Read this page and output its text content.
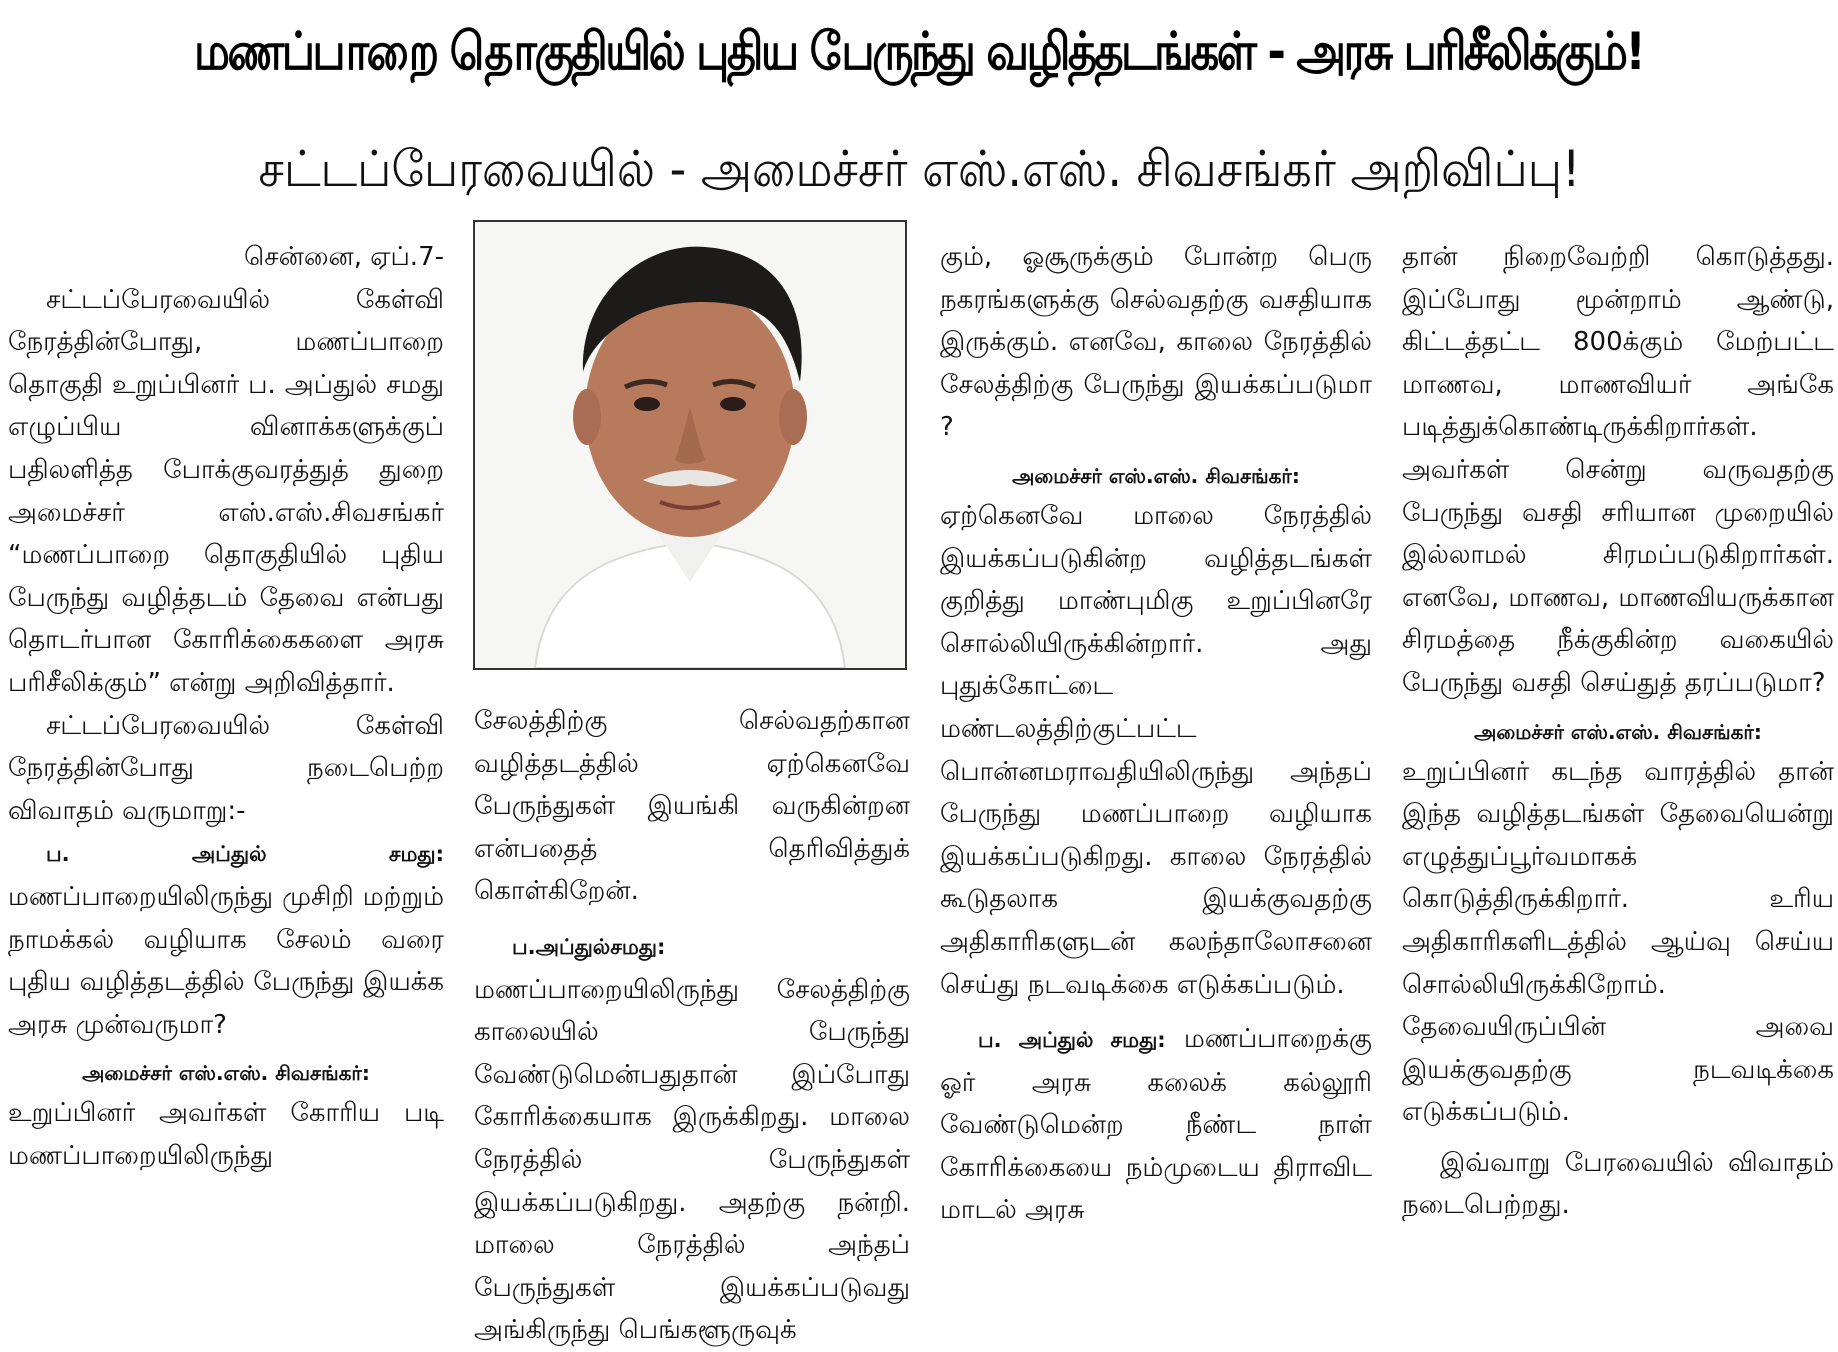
மணப்பாறை தொகுதியில் புதிய பேருந்து வழித்தடங்கள் - அரசு பரிசீலிக்கும்!
சட்டப்பேரவையில் - அமைச்சர் எஸ்.எஸ். சிவசங்கர் அறிவிப்பு!

சென்னை, ஏப்.7-

சட்டப்பேரவையில் கேள்வி நேரத்தின்போது, மணப்பாறை தொகுதி உறுப்பினர் ப. அப்துல் சமது எழுப்பிய வினாக்களுக்குப் பதிலளித்த போக்குவரத்துத் துறை அமைச்சர் எஸ்.எஸ்.சிவசங்கர் “மணப்பாறை தொகுதியில் புதிய பேருந்து வழித்தடம் தேவை என்பது தொடர்பான கோரிக்கைகளை அரசு பரிசீலிக்கும்” என்று அறிவித்தார்.

சட்டப்பேரவையில் கேள்வி நேரத்தின்போது நடைபெற்ற விவாதம் வருமாறு:-

ப. அப்துல் சமது: மணப்பாறையிலிருந்து முசிறி மற்றும் நாமக்கல் வழியாக சேலம் வரை புதிய வழித்தடத்தில் பேருந்து இயக்க அரசு முன்வருமா?

அமைச்சர் எஸ்.எஸ். சிவசங்கர்:

உறுப்பினர் அவர்கள் கோரிய படி மணப்பாறையிலிருந்து

சேலத்திற்கு செல்வதற்கான வழித்தடத்தில் ஏற்கெனவே பேருந்துகள் இயங்கி வருகின்றன என்பதைத் தெரிவித்துக் கொள்கிறேன்.

ப.அப்துல்சமது: மணப்பாறையிலிருந்து சேலத்திற்கு காலையில் பேருந்து வேண்டுமென்பதுதான் இப்போது கோரிக்கையாக இருக்கிறது. மாலை நேரத்தில் பேருந்துகள் இயக்கப்படுகிறது. அதற்கு நன்றி. மாலை நேரத்தில் அந்தப் பேருந்துகள் இயக்கப்படுவது அங்கிருந்து பெங்களூருவுக்

கும், ஓசூருக்கும் போன்ற பெரு நகரங்களுக்கு செல்வதற்கு வசதியாக இருக்கும். எனவே, காலை நேரத்தில் சேலத்திற்கு பேருந்து இயக்கப்படுமா ?

அமைச்சர் எஸ்.எஸ். சிவசங்கர்:

ஏற்கெனவே மாலை நேரத்தில் இயக்கப்படுகின்ற வழித்தடங்கள் குறித்து மாண்புமிகு உறுப்பினரே சொல்லியிருக்கின்றார். அது புதுக்கோட்டை மண்டலத்திற்குட்பட்ட பொன்னமராவதியிலிருந்து அந்தப் பேருந்து மணப்பாறை வழியாக இயக்கப்படுகிறது. காலை நேரத்தில் கூடுதலாக இயக்குவதற்கு அதிகாரிகளுடன் கலந்தாலோசனை செய்து நடவடிக்கை எடுக்கப்படும்.

ப. அப்துல் சமது: மணப்பாறைக்கு ஓர் அரசு கலைக் கல்லூரி வேண்டுமென்ற நீண்ட நாள் கோரிக்கையை நம்முடைய திராவிட மாடல் அரசு

தான் நிறைவேற்றி கொடுத்தது. இப்போது மூன்றாம் ஆண்டு, கிட்டத்தட்ட 800க்கும் மேற்பட்ட மாணவ, மாணவியர் அங்கே படித்துக்கொண்டிருக்கிறார்கள். அவர்கள் சென்று வருவதற்கு பேருந்து வசதி சரியான முறையில் இல்லாமல் சிரமப்படுகிறார்கள். எனவே, மாணவ, மாணவியருக்கான சிரமத்தை நீக்குகின்ற வகையில் பேருந்து வசதி செய்துத் தரப்படுமா?

அமைச்சர் எஸ்.எஸ். சிவசங்கர்:

உறுப்பினர் கடந்த வாரத்தில் தான் இந்த வழித்தடங்கள் தேவையென்று எழுத்துப்பூர்வமாகக் கொடுத்திருக்கிறார். உரிய அதிகாரிகளிடத்தில் ஆய்வு செய்ய சொல்லியிருக்கிறோம். தேவையிருப்பின் அவை இயக்குவதற்கு நடவடிக்கை எடுக்கப்படும்.

இவ்வாறு பேரவையில் விவாதம் நடைபெற்றது.
